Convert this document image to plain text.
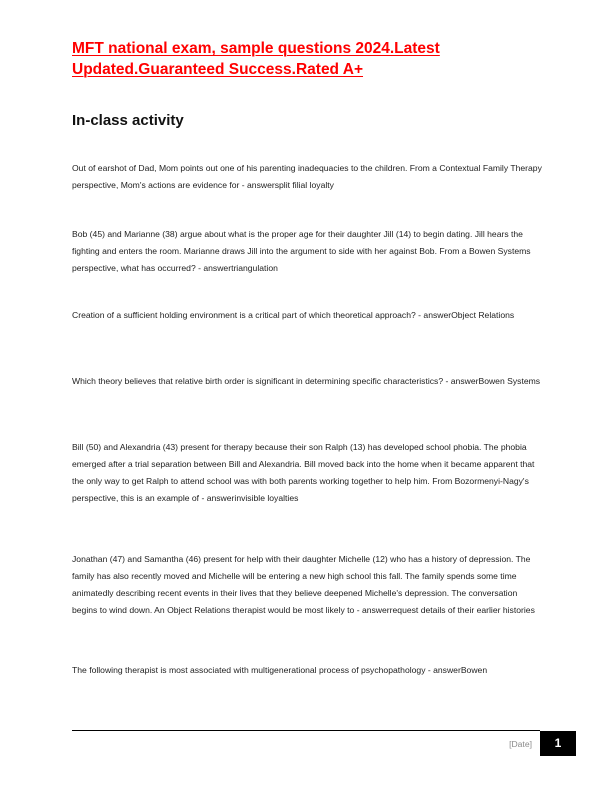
MFT national exam, sample questions 2024.Latest Updated.Guaranteed Success.Rated A+
In-class activity

Out of earshot of Dad, Mom points out one of his parenting inadequacies to the children. From a Contextual Family Therapy perspective, Mom's actions are evidence for - answersplit filial loyalty

Bob (45) and Marianne (38) argue about what is the proper age for their daughter Jill (14) to begin dating. Jill hears the fighting and enters the room. Marianne draws Jill into the argument to side with her against Bob. From a Bowen Systems perspective, what has occurred? - answertriangulation

Creation of a sufficient holding environment is a critical part of which theoretical approach? - answerObject Relations

Which theory believes that relative birth order is significant in determining specific characteristics? - answerBowen Systems

Bill (50) and Alexandria (43) present for therapy because their son Ralph (13) has developed school phobia. The phobia emerged after a trial separation between Bill and Alexandria. Bill moved back into the home when it became apparent that the only way to get Ralph to attend school was with both parents working together to help him. From Bozormenyi-Nagy's perspective, this is an example of - answerinvisible loyalties

Jonathan (47) and Samantha (46) present for help with their daughter Michelle (12) who has a history of depression. The family has also recently moved and Michelle will be entering a new high school this fall. The family spends some time animatedly describing recent events in their lives that they believe deepened Michelle's depression. The conversation begins to wind down. An Object Relations therapist would be most likely to - answerrequest details of their earlier histories

The following therapist is most associated with multigenerational process of psychopathology - answerBowen

[Date]	1
